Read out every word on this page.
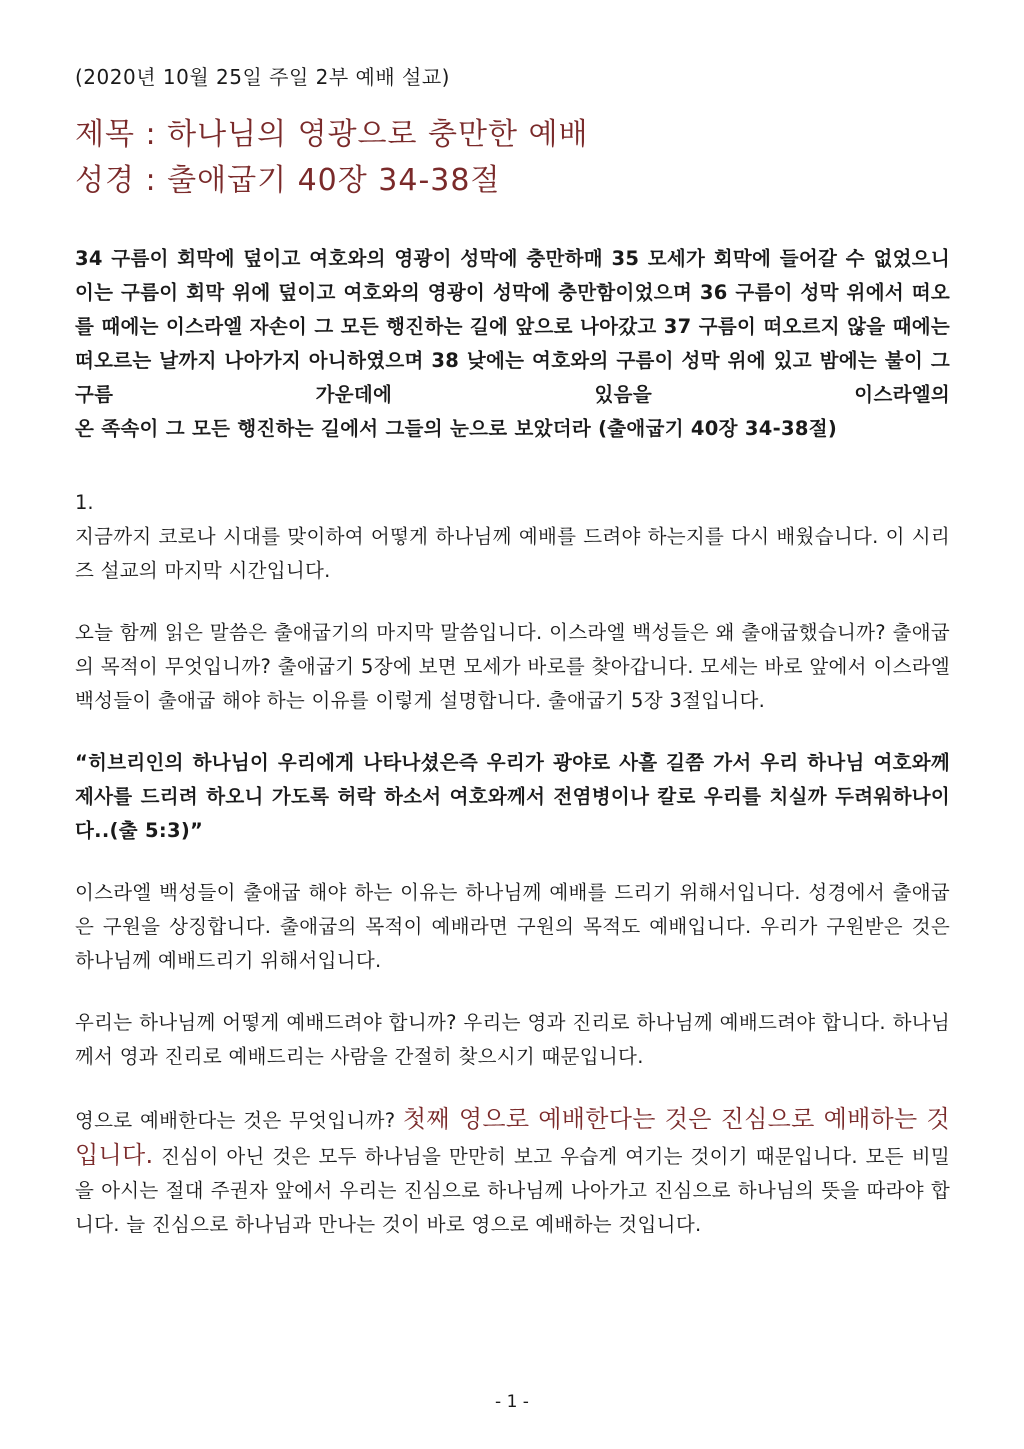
(2020년 10월 25일 주일 2부 예배 설교)
제목 : 하나님의 영광으로 충만한 예배
성경 : 출애굽기 40장 34-38절
34 구름이 회막에 덮이고 여호와의 영광이 성막에 충만하매 35 모세가 회막에 들어갈 수 없었으니 이는 구름이 회막 위에 덮이고 여호와의 영광이 성막에 충만함이었으며 36 구름이 성막 위에서 떠오를 때에는 이스라엘 자손이 그 모든 행진하는 길에 앞으로 나아갔고 37 구름이 떠오르지 않을 때에는 떠오르는 날까지 나아가지 아니하였으며 38 낮에는 여호와의 구름이 성막 위에 있고 밤에는 불이 그 구름 가운데에 있음을 이스라엘의
온 족속이 그 모든 행진하는 길에서 그들의 눈으로 보았더라 (출애굽기 40장 34-38절)
1.

지금까지 코로나 시대를 맞이하여 어떻게 하나님께 예배를 드려야 하는지를 다시 배웠습니다. 이 시리즈 설교의 마지막 시간입니다.

오늘 함께 읽은 말씀은 출애굽기의 마지막 말씀입니다. 이스라엘 백성들은 왜 출애굽했습니까? 출애굽의 목적이 무엇입니까? 출애굽기 5장에 보면 모세가 바로를 찾아갑니다. 모세는 바로 앞에서 이스라엘 백성들이 출애굽 해야 하는 이유를 이렇게 설명합니다. 출애굽기 5장 3절입니다.

“히브리인의 하나님이 우리에게 나타나셨은즉 우리가 광야로 사흘 길쯤 가서 우리 하나님 여호와께 제사를 드리려 하오니 가도록 허락 하소서 여호와께서 전염병이나 칼로 우리를 치실까 두려워하나이다..(출 5:3)”

이스라엘 백성들이 출애굽 해야 하는 이유는 하나님께 예배를 드리기 위해서입니다. 성경에서 출애굽은 구원을 상징합니다. 출애굽의 목적이 예배라면 구원의 목적도 예배입니다. 우리가 구원받은 것은 하나님께 예배드리기 위해서입니다.

우리는 하나님께 어떻게 예배드려야 합니까? 우리는 영과 진리로 하나님께 예배드려야 합니다. 하나님께서 영과 진리로 예배드리는 사람을 간절히 찾으시기 때문입니다.

영으로 예배한다는 것은 무엇입니까? 첫째 영으로 예배한다는 것은 진심으로 예배하는 것입니다. 진심이 아닌 것은 모두 하나님을 만만히 보고 우습게 여기는 것이기 때문입니다. 모든 비밀을 아시는 절대 주권자 앞에서 우리는 진심으로 하나님께 나아가고 진심으로 하나님의 뜻을 따라야 합니다. 늘 진심으로 하나님과 만나는 것이 바로 영으로 예배하는 것입니다.

- 1 -
